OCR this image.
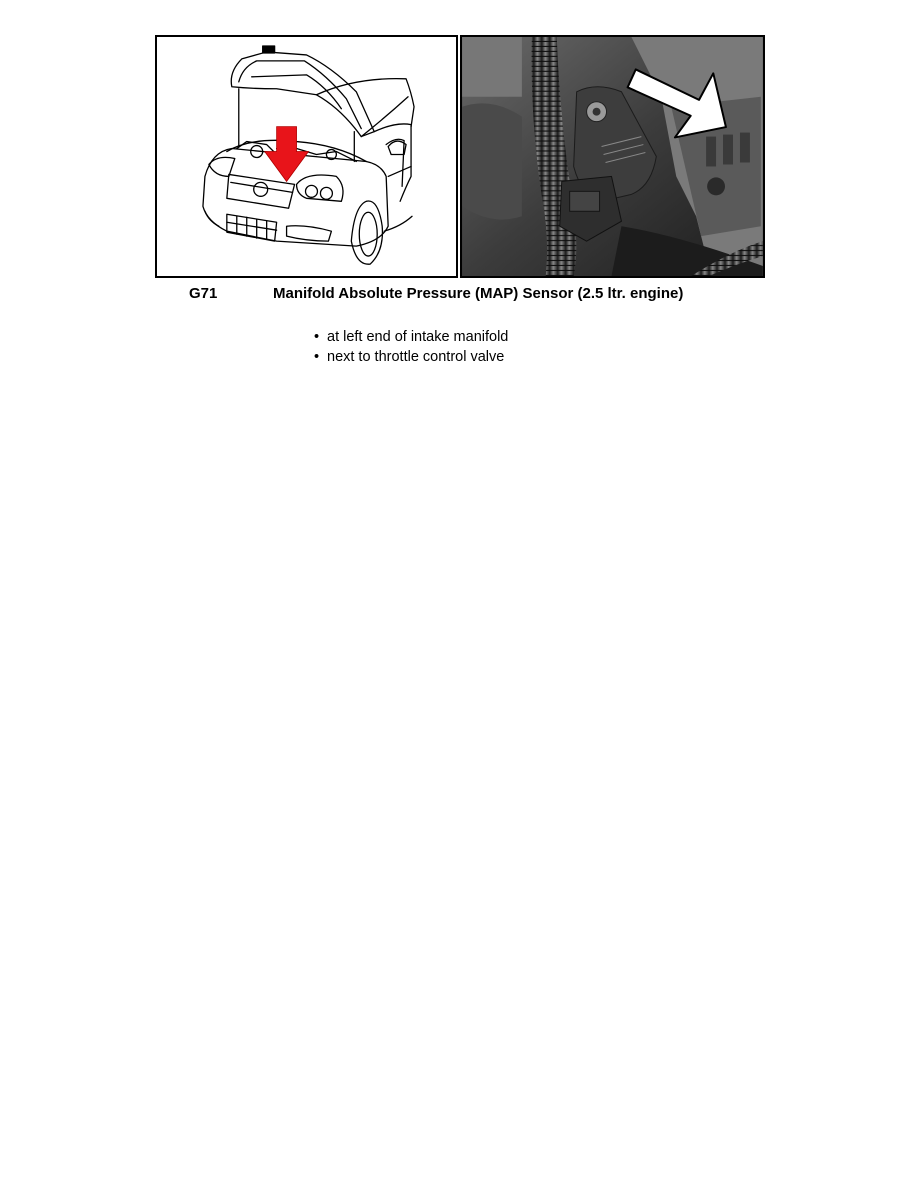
G71	Manifold Absolute Pressure (MAP) Sensor (2.5 ltr. engine)
• at left end of intake manifold
• next to throttle control valve
